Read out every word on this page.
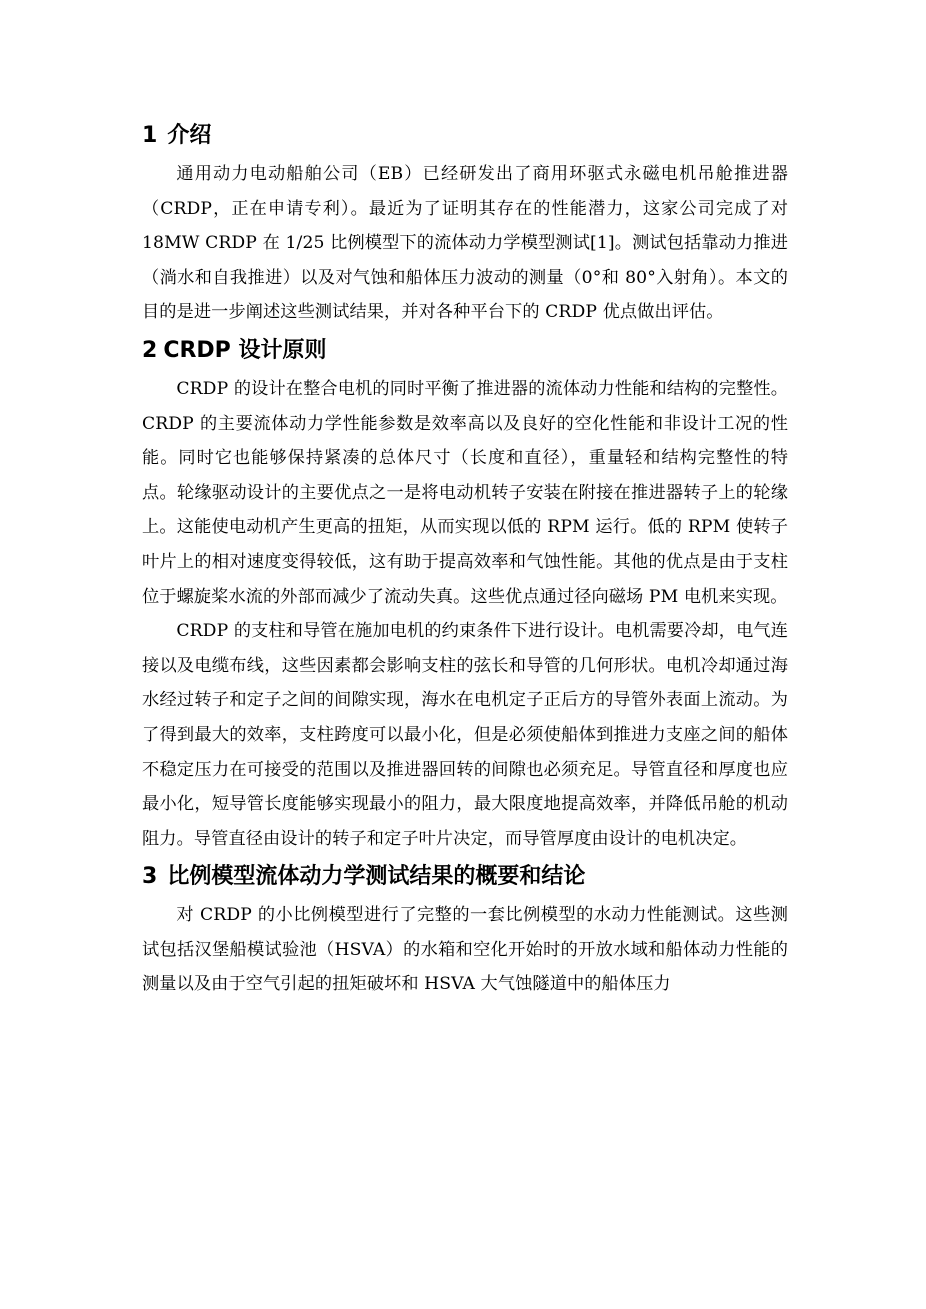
1 介绍

通用动力电动船舶公司（EB）已经研发出了商用环驱式永磁电机吊舱推进器（CRDP，正在申请专利）。最近为了证明其存在的性能潜力，这家公司完成了对 18MW CRDP 在 1/25 比例模型下的流体动力学模型测试[1]。测试包括靠动力推进（淌水和自我推进）以及对气蚀和船体压力波动的测量（0°和 80°入射角）。本文的目的是进一步阐述这些测试结果，并对各种平台下的 CRDP 优点做出评估。

2 CRDP 设计原则

CRDP 的设计在整合电机的同时平衡了推进器的流体动力性能和结构的完整性。CRDP 的主要流体动力学性能参数是效率高以及良好的空化性能和非设计工况的性能。同时它也能够保持紧凑的总体尺寸（长度和直径），重量轻和结构完整性的特点。轮缘驱动设计的主要优点之一是将电动机转子安装在附接在推进器转子上的轮缘上。这能使电动机产生更高的扭矩，从而实现以低的 RPM 运行。低的 RPM 使转子叶片上的相对速度变得较低，这有助于提高效率和气蚀性能。其他的优点是由于支柱位于螺旋桨水流的外部而减少了流动失真。这些优点通过径向磁场 PM 电机来实现。

CRDP 的支柱和导管在施加电机的约束条件下进行设计。电机需要冷却，电气连接以及电缆布线，这些因素都会影响支柱的弦长和导管的几何形状。电机冷却通过海水经过转子和定子之间的间隙实现，海水在电机定子正后方的导管外表面上流动。为了得到最大的效率，支柱跨度可以最小化，但是必须使船体到推进力支座之间的船体不稳定压力在可接受的范围以及推进器回转的间隙也必须充足。导管直径和厚度也应最小化，短导管长度能够实现最小的阻力，最大限度地提高效率，并降低吊舱的机动阻力。导管直径由设计的转子和定子叶片决定，而导管厚度由设计的电机决定。

3 比例模型流体动力学测试结果的概要和结论

对 CRDP 的小比例模型进行了完整的一套比例模型的水动力性能测试。这些测试包括汉堡船模试验池（HSVA）的水箱和空化开始时的开放水域和船体动力性能的测量以及由于空气引起的扭矩破坏和 HSVA 大气蚀隧道中的船体压力
